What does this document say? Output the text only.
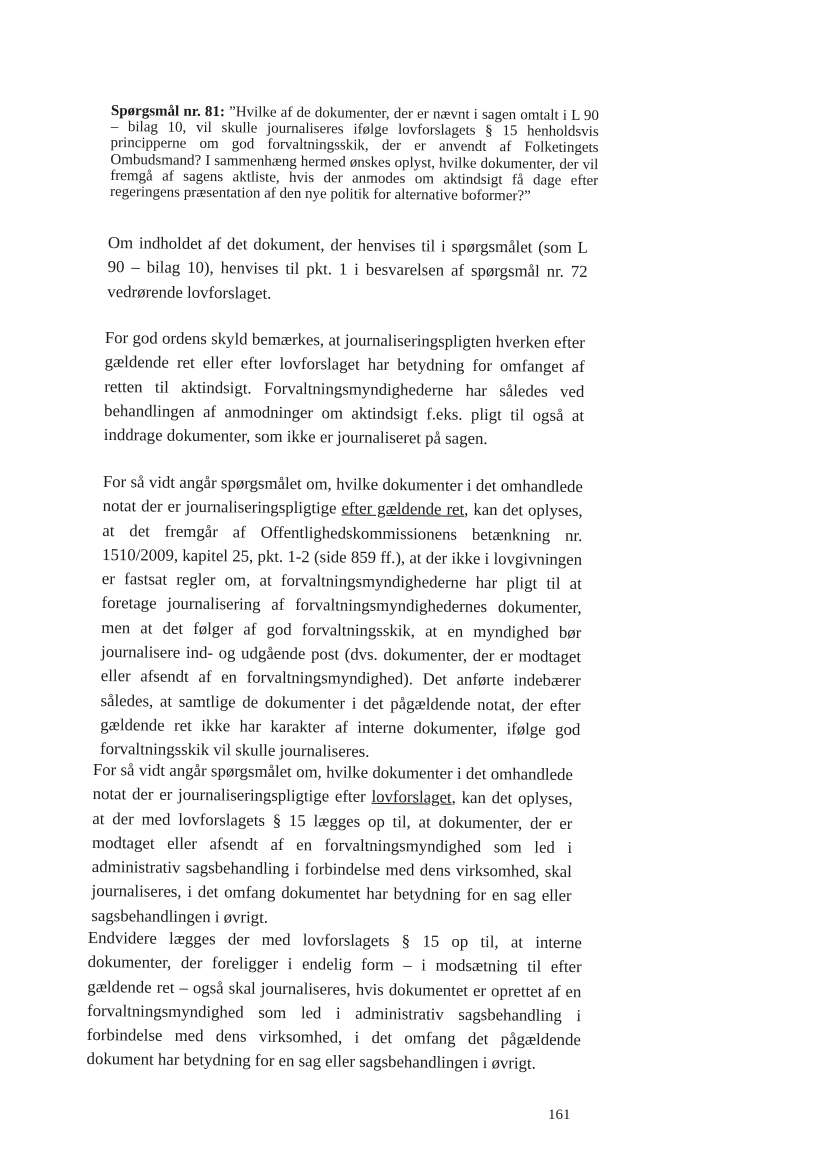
Spørgsmål nr. 81: ”Hvilke af de dokumenter, der er nævnt i sagen omtalt i L 90 – bilag 10, vil skulle journaliseres ifølge lovforslagets § 15 henholdsvis principperne om god forvaltningsskik, der er anvendt af Folketingets Ombudsmand? I sammenhæng hermed ønskes oplyst, hvilke dokumenter, der vil fremgå af sagens aktliste, hvis der anmodes om aktindsigt få dage efter regeringens præsentation af den nye politik for alternative boformer?”
Om indholdet af det dokument, der henvises til i spørgsmålet (som L 90 – bilag 10), henvises til pkt. 1 i besvarelsen af spørgsmål nr. 72 vedrørende lovforslaget.
For god ordens skyld bemærkes, at journaliseringspligten hverken efter gældende ret eller efter lovforslaget har betydning for omfanget af retten til aktindsigt. Forvaltningsmyndighederne har således ved behandlingen af anmodninger om aktindsigt f.eks. pligt til også at inddrage dokumenter, som ikke er journaliseret på sagen.
For så vidt angår spørgsmålet om, hvilke dokumenter i det omhandlede notat der er journaliseringspligtige efter gældende ret, kan det oplyses, at det fremgår af Offentlighedskommissionens betænkning nr. 1510/2009, kapitel 25, pkt. 1-2 (side 859 ff.), at der ikke i lovgivningen er fastsat regler om, at forvaltningsmyndighederne har pligt til at foretage journalisering af forvaltningsmyndighedernes dokumenter, men at det følger af god forvaltningsskik, at en myndighed bør journalisere ind- og udgående post (dvs. dokumenter, der er modtaget eller afsendt af en forvaltningsmyndighed). Det anførte indebærer således, at samtlige de dokumenter i det pågældende notat, der efter gældende ret ikke har karakter af interne dokumenter, ifølge god forvaltningsskik vil skulle journaliseres.
For så vidt angår spørgsmålet om, hvilke dokumenter i det omhandlede notat der er journaliseringspligtige efter lovforslaget, kan det oplyses, at der med lovforslagets § 15 lægges op til, at dokumenter, der er modtaget eller afsendt af en forvaltningsmyndighed som led i administrativ sagsbehandling i forbindelse med dens virksomhed, skal journaliseres, i det omfang dokumentet har betydning for en sag eller sagsbehandlingen i øvrigt.
Endvidere lægges der med lovforslagets § 15 op til, at interne dokumenter, der foreligger i endelig form – i modsætning til efter gældende ret – også skal journaliseres, hvis dokumentet er oprettet af en forvaltningsmyndighed som led i administrativ sagsbehandling i forbindelse med dens virksomhed, i det omfang det pågældende dokument har betydning for en sag eller sagsbehandlingen i øvrigt.
161
